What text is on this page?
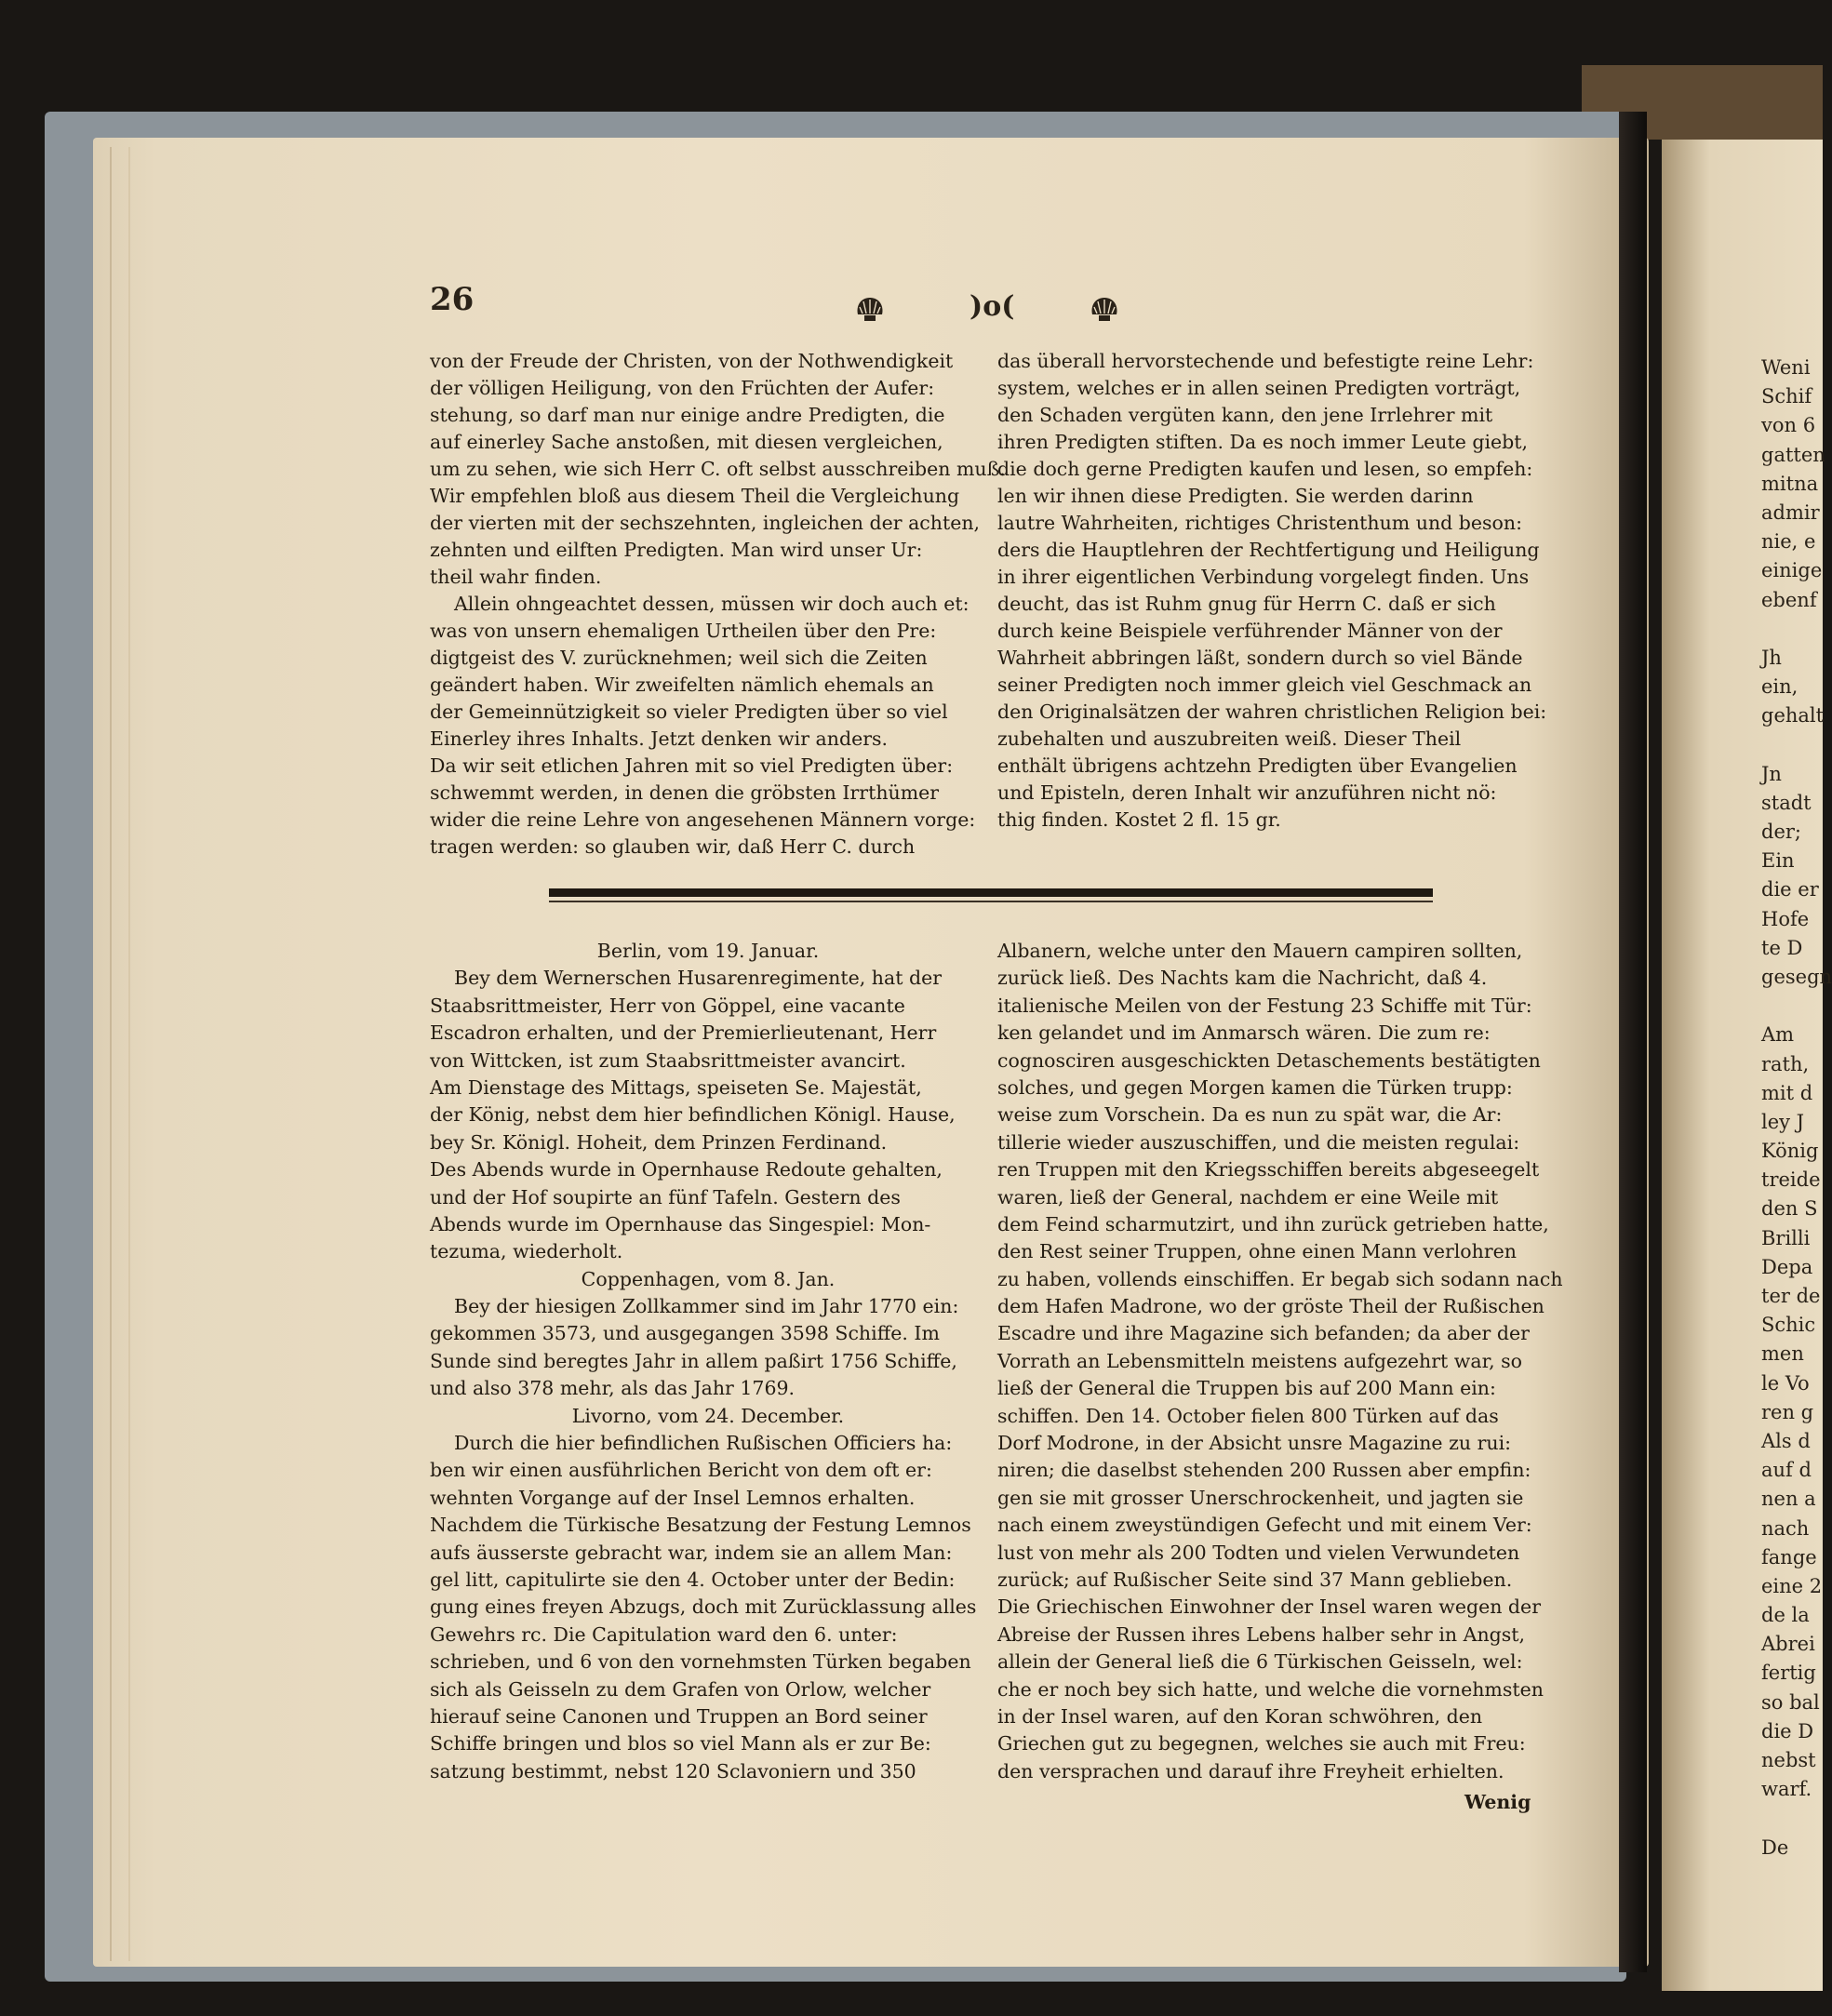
Weni
Schif
von 6
gatten
mitna
admir
nie, e
einige
ebenf
Jh
ein,
gehalt
Jn
stadt
der;
Ein
die er
Hofe
te D
gesegn
Am
rath,
mit d
ley J
König
treide
den S
Brilli
Depa
ter de
Schic
men
le Vo
ren g
Als d
auf d
nen a
nach
fange
eine 2
de la
Abrei
fertig
so bal
die D
nebst
warf.
De
26	)o(
von der Freude der Christen, von der Nothwendigkeit
der völligen Heiligung, von den Früchten der Aufer:
stehung, so darf man nur einige andre Predigten, die
auf einerley Sache anstoßen, mit diesen vergleichen,
um zu sehen, wie sich Herr C. oft selbst ausschreiben muß.
Wir empfehlen bloß aus diesem Theil die Vergleichung
der vierten mit der sechszehnten, ingleichen der achten,
zehnten und eilften Predigten. Man wird unser Ur:
theil wahr finden.
Allein ohngeachtet dessen, müssen wir doch auch et:
was von unsern ehemaligen Urtheilen über den Pre:
digtgeist des V. zurücknehmen; weil sich die Zeiten
geändert haben. Wir zweifelten nämlich ehemals an
der Gemeinnützigkeit so vieler Predigten über so viel
Einerley ihres Inhalts. Jetzt denken wir anders.
Da wir seit etlichen Jahren mit so viel Predigten über:
schwemmt werden, in denen die gröbsten Irrthümer
wider die reine Lehre von angesehenen Männern vorge:
tragen werden: so glauben wir, daß Herr C. durch
das überall hervorstechende und befestigte reine Lehr:
system, welches er in allen seinen Predigten vorträgt,
den Schaden vergüten kann, den jene Irrlehrer mit
ihren Predigten stiften. Da es noch immer Leute giebt,
die doch gerne Predigten kaufen und lesen, so empfeh:
len wir ihnen diese Predigten. Sie werden darinn
lautre Wahrheiten, richtiges Christenthum und beson:
ders die Hauptlehren der Rechtfertigung und Heiligung
in ihrer eigentlichen Verbindung vorgelegt finden. Uns
deucht, das ist Ruhm gnug für Herrn C. daß er sich
durch keine Beispiele verführender Männer von der
Wahrheit abbringen läßt, sondern durch so viel Bände
seiner Predigten noch immer gleich viel Geschmack an
den Originalsätzen der wahren christlichen Religion bei:
zubehalten und auszubreiten weiß. Dieser Theil
enthält übrigens achtzehn Predigten über Evangelien
und Episteln, deren Inhalt wir anzuführen nicht nö:
thig finden. Kostet 2 fl. 15 gr.
Berlin, vom 19. Januar.
Bey dem Wernerschen Husarenregimente, hat der
Staabsrittmeister, Herr von Göppel, eine vacante
Escadron erhalten, und der Premierlieutenant, Herr
von Wittcken, ist zum Staabsrittmeister avancirt.
Am Dienstage des Mittags, speiseten Se. Majestät,
der König, nebst dem hier befindlichen Königl. Hause,
bey Sr. Königl. Hoheit, dem Prinzen Ferdinand.
Des Abends wurde in Opernhause Redoute gehalten,
und der Hof soupirte an fünf Tafeln. Gestern des
Abends wurde im Opernhause das Singespiel: Mon-
tezuma, wiederholt.
Coppenhagen, vom 8. Jan.
Bey der hiesigen Zollkammer sind im Jahr 1770 ein:
gekommen 3573, und ausgegangen 3598 Schiffe. Im
Sunde sind beregtes Jahr in allem paßirt 1756 Schiffe,
und also 378 mehr, als das Jahr 1769.
Livorno, vom 24. December.
Durch die hier befindlichen Rußischen Officiers ha:
ben wir einen ausführlichen Bericht von dem oft er:
wehnten Vorgange auf der Insel Lemnos erhalten.
Nachdem die Türkische Besatzung der Festung Lemnos
aufs äusserste gebracht war, indem sie an allem Man:
gel litt, capitulirte sie den 4. October unter der Bedin:
gung eines freyen Abzugs, doch mit Zurücklassung alles
Gewehrs rc. Die Capitulation ward den 6. unter:
schrieben, und 6 von den vornehmsten Türken begaben
sich als Geisseln zu dem Grafen von Orlow, welcher
hierauf seine Canonen und Truppen an Bord seiner
Schiffe bringen und blos so viel Mann als er zur Be:
satzung bestimmt, nebst 120 Sclavoniern und 350
Albanern, welche unter den Mauern campiren sollten,
zurück ließ. Des Nachts kam die Nachricht, daß 4.
italienische Meilen von der Festung 23 Schiffe mit Tür:
ken gelandet und im Anmarsch wären. Die zum re:
cognosciren ausgeschickten Detaschements bestätigten
solches, und gegen Morgen kamen die Türken trupp:
weise zum Vorschein. Da es nun zu spät war, die Ar:
tillerie wieder auszuschiffen, und die meisten regulai:
ren Truppen mit den Kriegsschiffen bereits abgeseegelt
waren, ließ der General, nachdem er eine Weile mit
dem Feind scharmutzirt, und ihn zurück getrieben hatte,
den Rest seiner Truppen, ohne einen Mann verlohren
zu haben, vollends einschiffen. Er begab sich sodann nach
dem Hafen Madrone, wo der gröste Theil der Rußischen
Escadre und ihre Magazine sich befanden; da aber der
Vorrath an Lebensmitteln meistens aufgezehrt war, so
ließ der General die Truppen bis auf 200 Mann ein:
schiffen. Den 14. October fielen 800 Türken auf das
Dorf Modrone, in der Absicht unsre Magazine zu rui:
niren; die daselbst stehenden 200 Russen aber empfin:
gen sie mit grosser Unerschrockenheit, und jagten sie
nach einem zweystündigen Gefecht und mit einem Ver:
lust von mehr als 200 Todten und vielen Verwundeten
zurück; auf Rußischer Seite sind 37 Mann geblieben.
Die Griechischen Einwohner der Insel waren wegen der
Abreise der Russen ihres Lebens halber sehr in Angst,
allein der General ließ die 6 Türkischen Geisseln, wel:
che er noch bey sich hatte, und welche die vornehmsten
in der Insel waren, auf den Koran schwöhren, den
Griechen gut zu begegnen, welches sie auch mit Freu:
den versprachen und darauf ihre Freyheit erhielten.
Wenig
